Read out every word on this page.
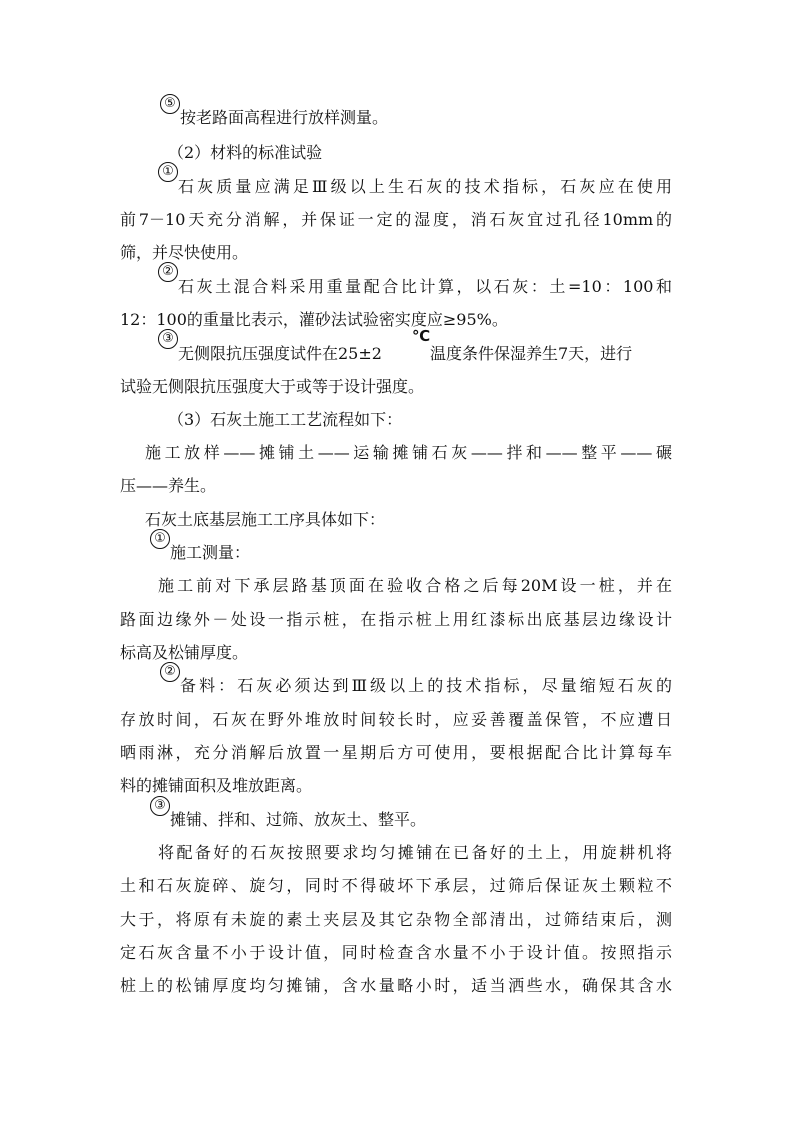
⑤
按老路面高程进行放样测量。
（2）材料的标准试验
①
石灰质量应满足Ⅲ级以上生石灰的技术指标，石灰应在使用
前7－10天充分消解，并保证一定的湿度，消石灰宜过孔径10mm的
筛，并尽快使用。
②
石灰土混合料采用重量配合比计算，以石灰：土=10：100和
12：100的重量比表示，灌砂法试验密实度应≥95%。
③
无侧限抗压强度试件在25±2
℃
温度条件保湿养生7天，进行
试验无侧限抗压强度大于或等于设计强度。
（3）石灰土施工工艺流程如下：
施工放样——摊铺土——运输摊铺石灰——拌和——整平——碾
压——养生。
石灰土底基层施工工序具体如下：
①
施工测量：
施工前对下承层路基顶面在验收合格之后每20M设一桩，并在
路面边缘外－处设一指示桩，在指示桩上用红漆标出底基层边缘设计
标高及松铺厚度。
②
备料：石灰必须达到Ⅲ级以上的技术指标，尽量缩短石灰的
存放时间，石灰在野外堆放时间较长时，应妥善覆盖保管，不应遭日
晒雨淋，充分消解后放置一星期后方可使用，要根据配合比计算每车
料的摊铺面积及堆放距离。
③
摊铺、拌和、过筛、放灰土、整平。
将配备好的石灰按照要求均匀摊铺在已备好的土上，用旋耕机将
土和石灰旋碎、旋匀，同时不得破坏下承层，过筛后保证灰土颗粒不
大于，将原有未旋的素土夹层及其它杂物全部清出，过筛结束后，测
定石灰含量不小于设计值，同时检查含水量不小于设计值。按照指示
桩上的松铺厚度均匀摊铺，含水量略小时，适当洒些水，确保其含水
